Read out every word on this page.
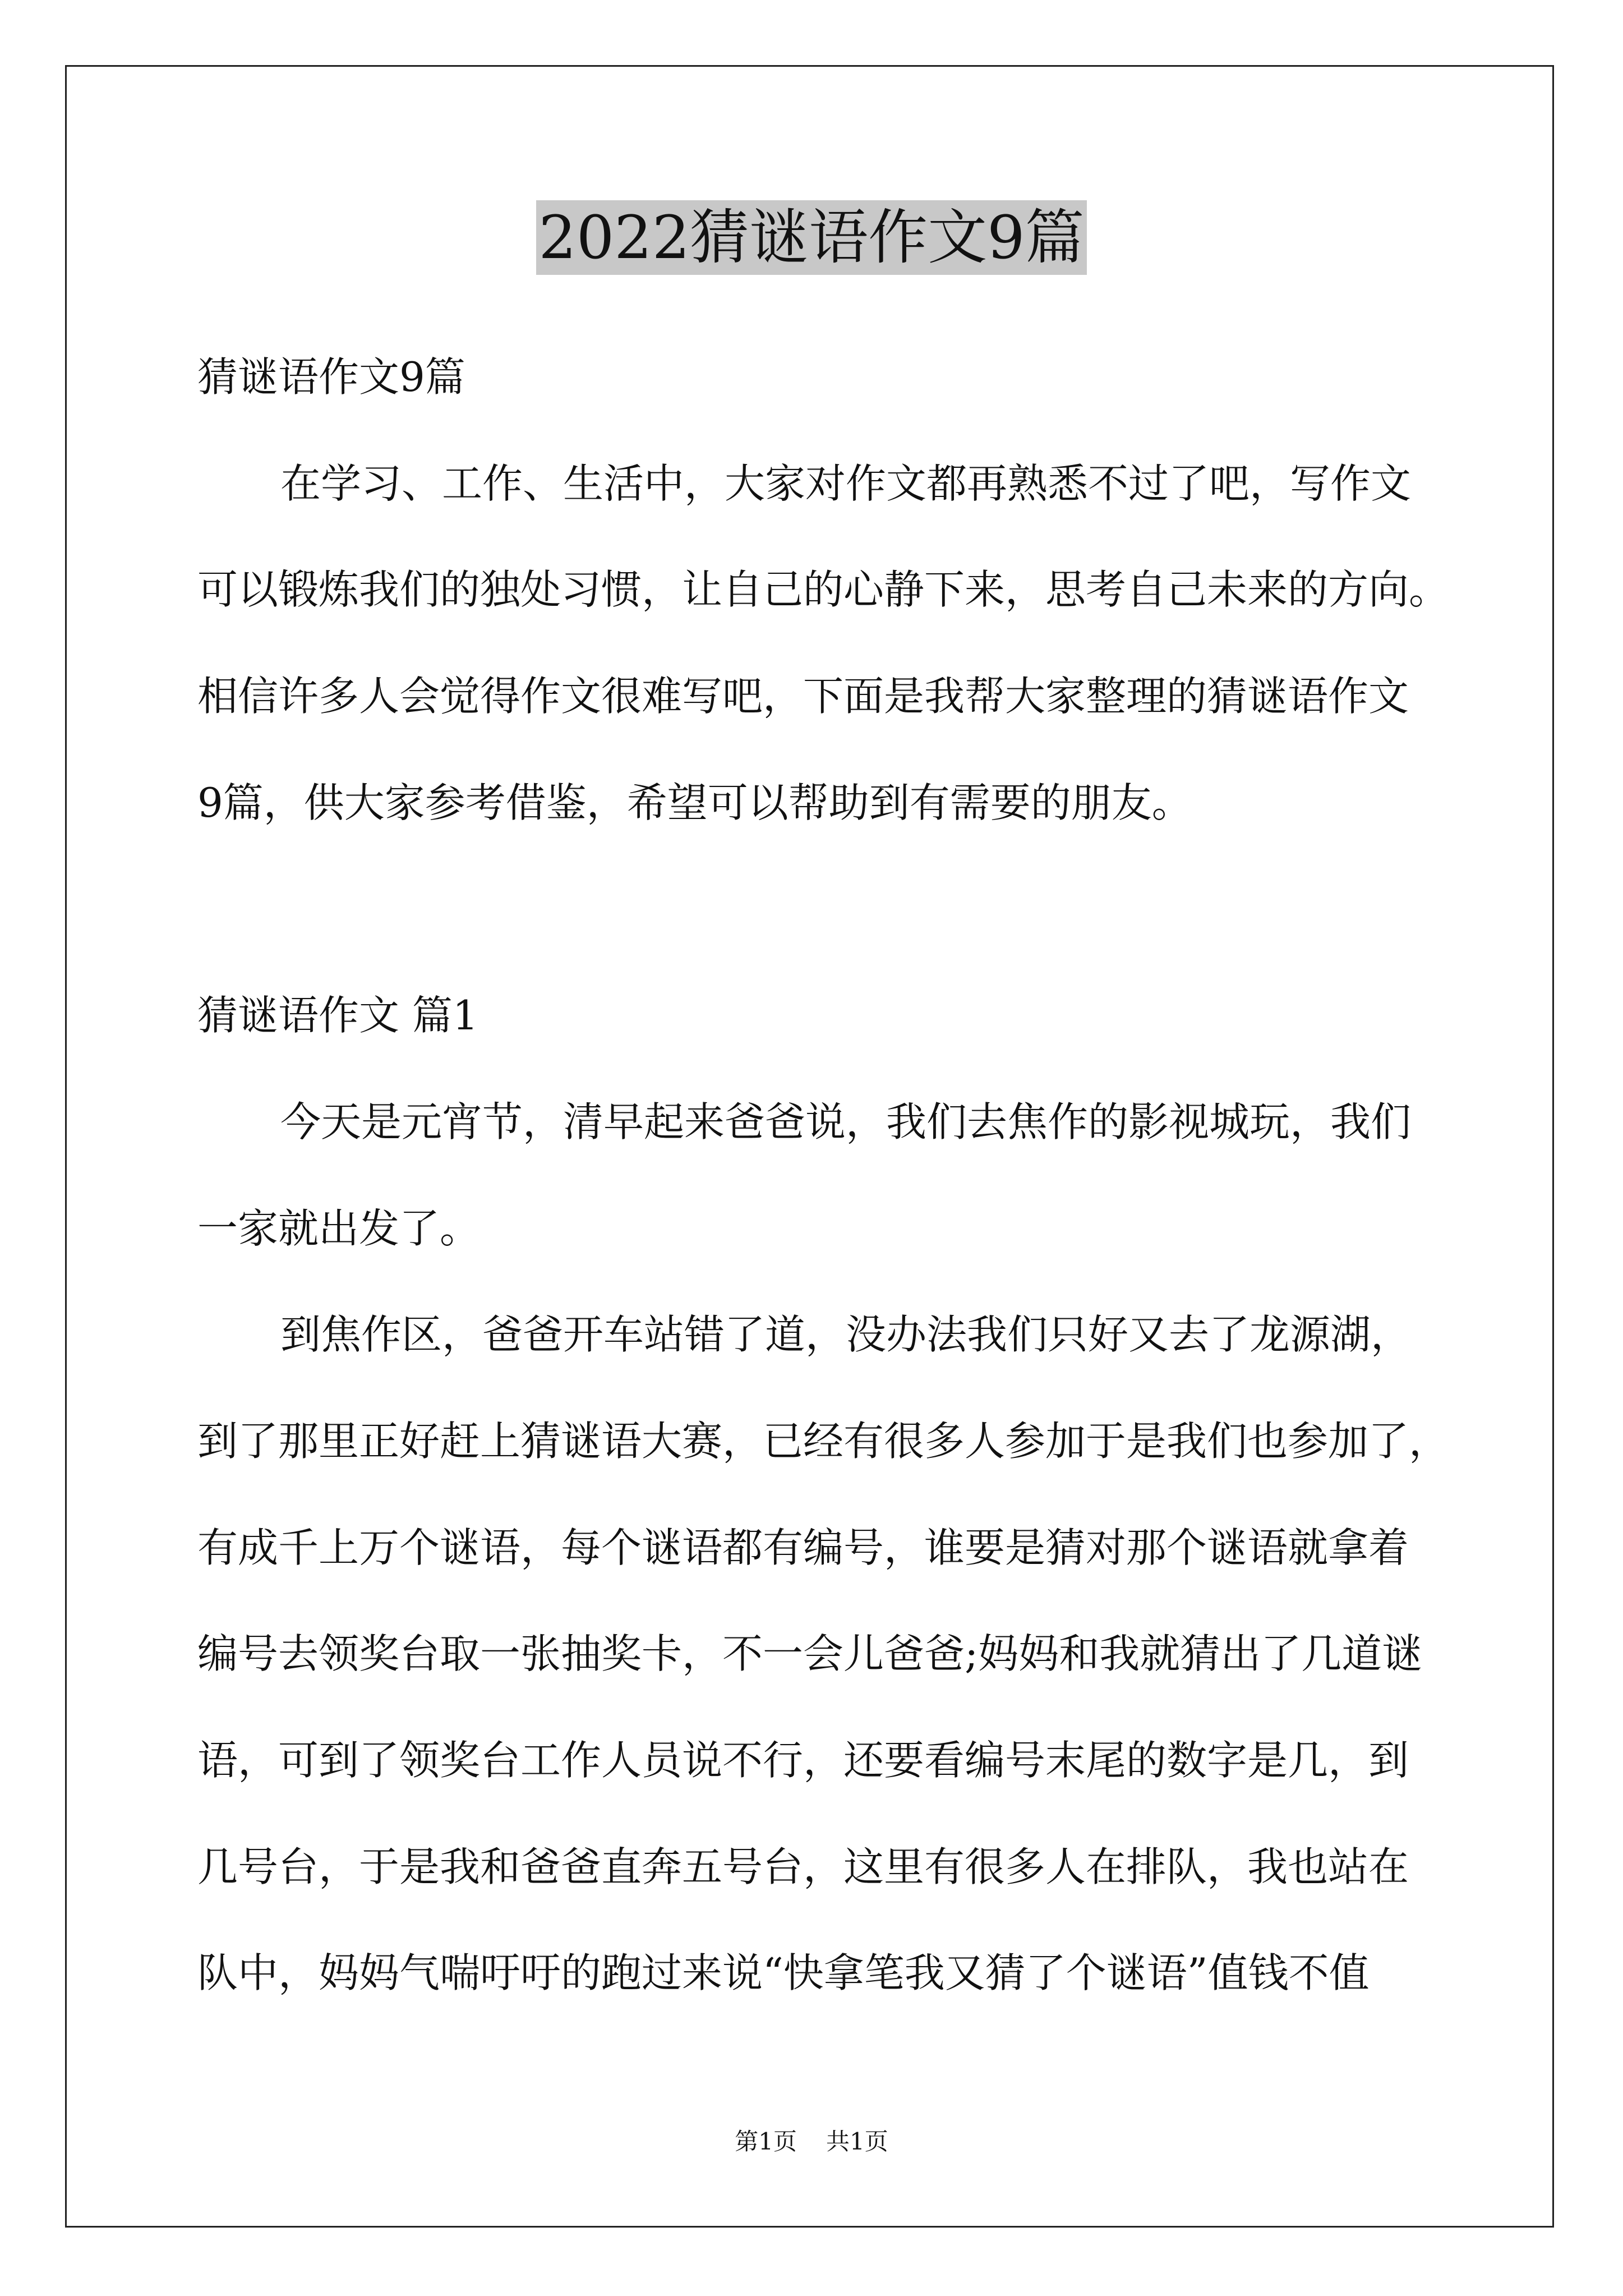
2022猜谜语作文9篇
猜谜语作文9篇
在学习、工作、生活中，大家对作文都再熟悉不过了吧，写作文
可以锻炼我们的独处习惯，让自己的心静下来，思考自己未来的方向。
相信许多人会觉得作文很难写吧，下面是我帮大家整理的猜谜语作文
9篇，供大家参考借鉴，希望可以帮助到有需要的朋友。
猜谜语作文 篇1
今天是元宵节，清早起来爸爸说，我们去焦作的影视城玩，我们
一家就出发了。
到焦作区，爸爸开车站错了道，没办法我们只好又去了龙源湖，
到了那里正好赶上猜谜语大赛，已经有很多人参加于是我们也参加了，
有成千上万个谜语，每个谜语都有编号，谁要是猜对那个谜语就拿着
编号去领奖台取一张抽奖卡，不一会儿爸爸;妈妈和我就猜出了几道谜
语，可到了领奖台工作人员说不行，还要看编号末尾的数字是几，到
几号台，于是我和爸爸直奔五号台，这里有很多人在排队，我也站在
队中，妈妈气喘吁吁的跑过来说“快拿笔我又猜了个谜语”值钱不值
第1页 共1页
